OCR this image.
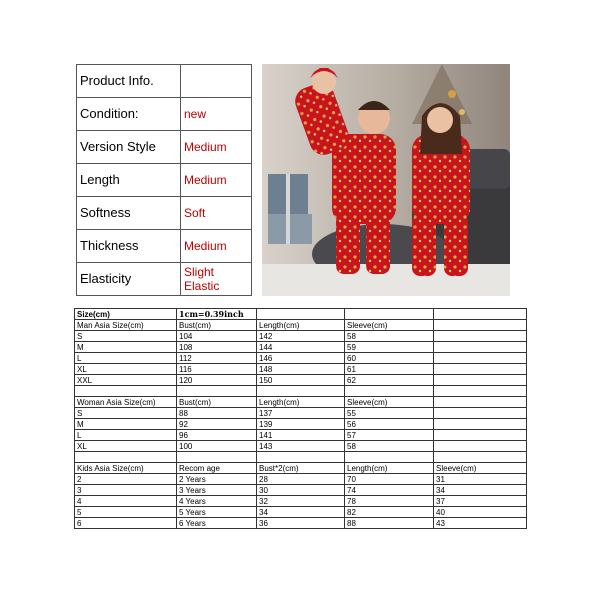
Product Info.	
Condition:	new
Version Style	Medium
Length	Medium
Softness	Soft
Thickness	Medium
Elasticity	Slight Elastic
Size(cm)	1cm=0.39inch			
Man Asia Size(cm)	Bust(cm)	Length(cm)	Sleeve(cm)	
S	104	142	58	
M	108	144	59	
L	112	146	60	
XL	116	148	61	
XXL	120	150	62	

Woman Asia Size(cm)	Bust(cm)	Length(cm)	Sleeve(cm)	
S	88	137	55	
M	92	139	56	
L	96	141	57	
XL	100	143	58	

Kids Asia Size(cm)	Recom age	Bust*2(cm)	Length(cm)	Sleeve(cm)
2	2 Years	28	70	31
3	3 Years	30	74	34
4	4 Years	32	78	37
5	5 Years	34	82	40
6	6 Years	36	88	43
